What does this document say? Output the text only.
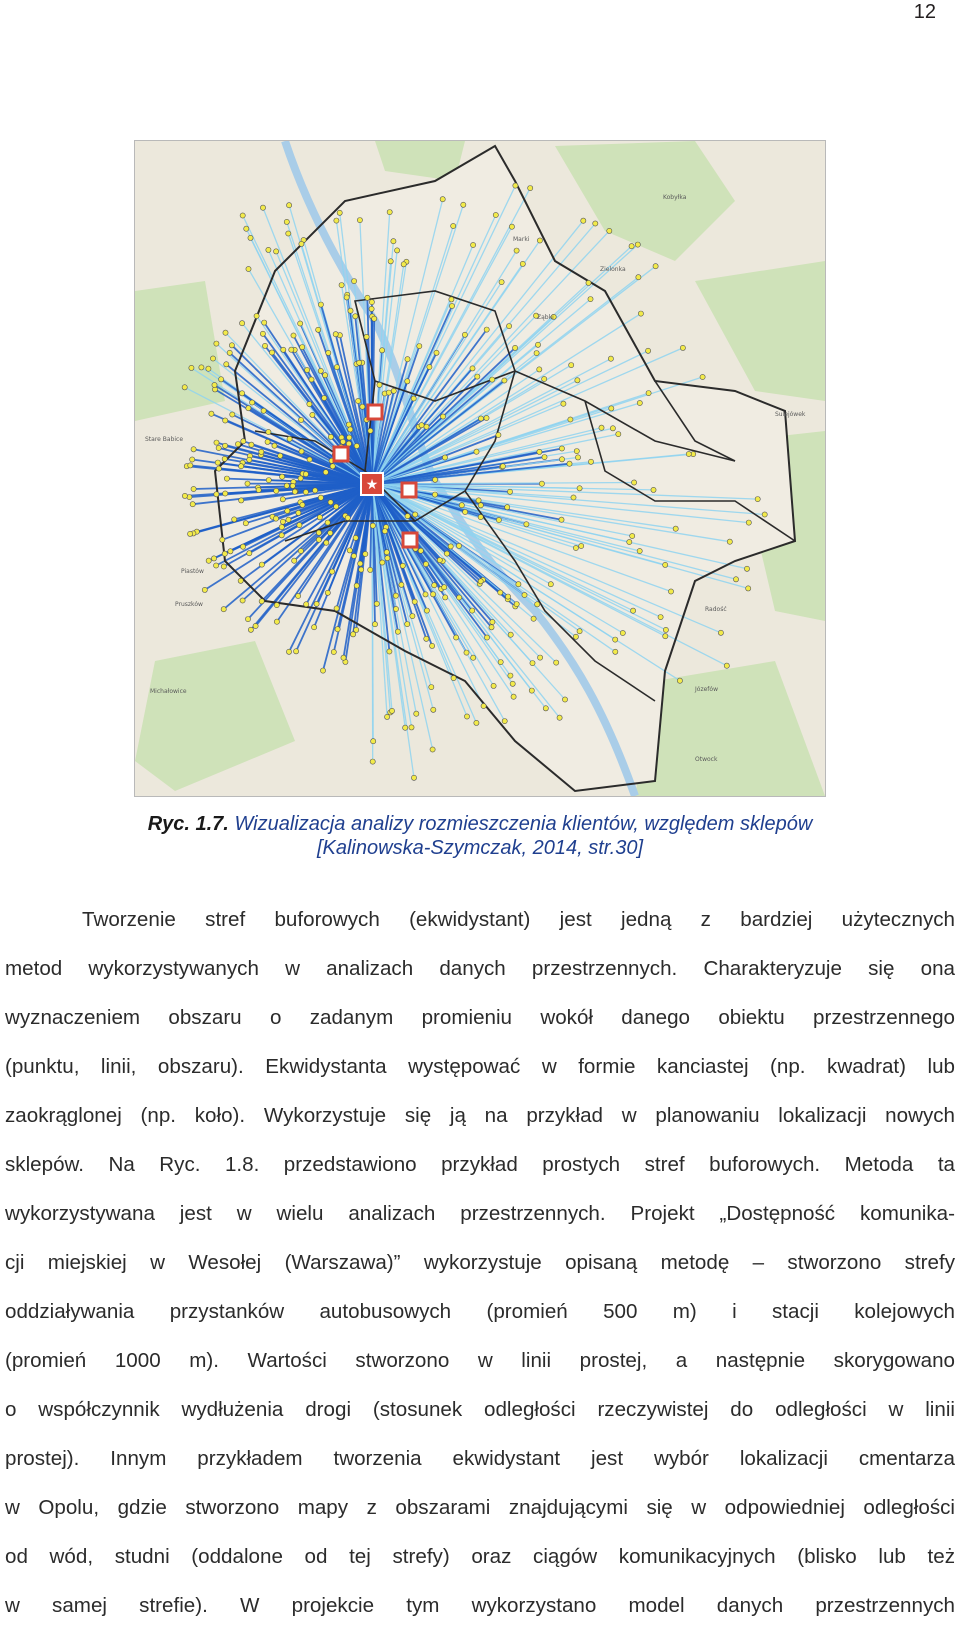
12
★
Kobyłka
Marki
Zielonka
Ząbki
Stare Babice
Pruszków
Michałowice	Józefów
Otwock
Sulejówek
Radość
Piastów
Ryc. 1.7. Wizualizacja analizy rozmieszczenia klientów, względem sklepów
[Kalinowska-Szymczak, 2014, str.30]
Tworzenie stref buforowych (ekwidystant) jest jedną z bardziej użytecznych
metod wykorzystywanych w analizach danych przestrzennych. Charakteryzuje się ona
wyznaczeniem obszaru o zadanym promieniu wokół danego obiektu przestrzennego
(punktu, linii, obszaru). Ekwidystanta występować w formie kanciastej (np. kwadrat) lub
zaokrąglonej (np. koło). Wykorzystuje się ją na przykład w planowaniu lokalizacji nowych
sklepów. Na Ryc. 1.8. przedstawiono przykład prostych stref buforowych. Metoda ta
wykorzystywana jest w wielu analizach przestrzennych. Projekt „Dostępność komunika-
cji miejskiej w Wesołej (Warszawa)” wykorzystuje opisaną metodę – stworzono strefy
oddziaływania przystanków autobusowych (promień 500 m) i stacji kolejowych
(promień 1000 m). Wartości stworzono w linii prostej, a następnie skorygowano
o współczynnik wydłużenia drogi (stosunek odległości rzeczywistej do odległości w linii
prostej). Innym przykładem tworzenia ekwidystant jest wybór lokalizacji cmentarza
w Opolu, gdzie stworzono mapy z obszarami znajdującymi się w odpowiedniej odległości
od wód, studni (oddalone od tej strefy) oraz ciągów komunikacyjnych (blisko lub też
w samej strefie). W projekcie tym wykorzystano model danych przestrzennych
